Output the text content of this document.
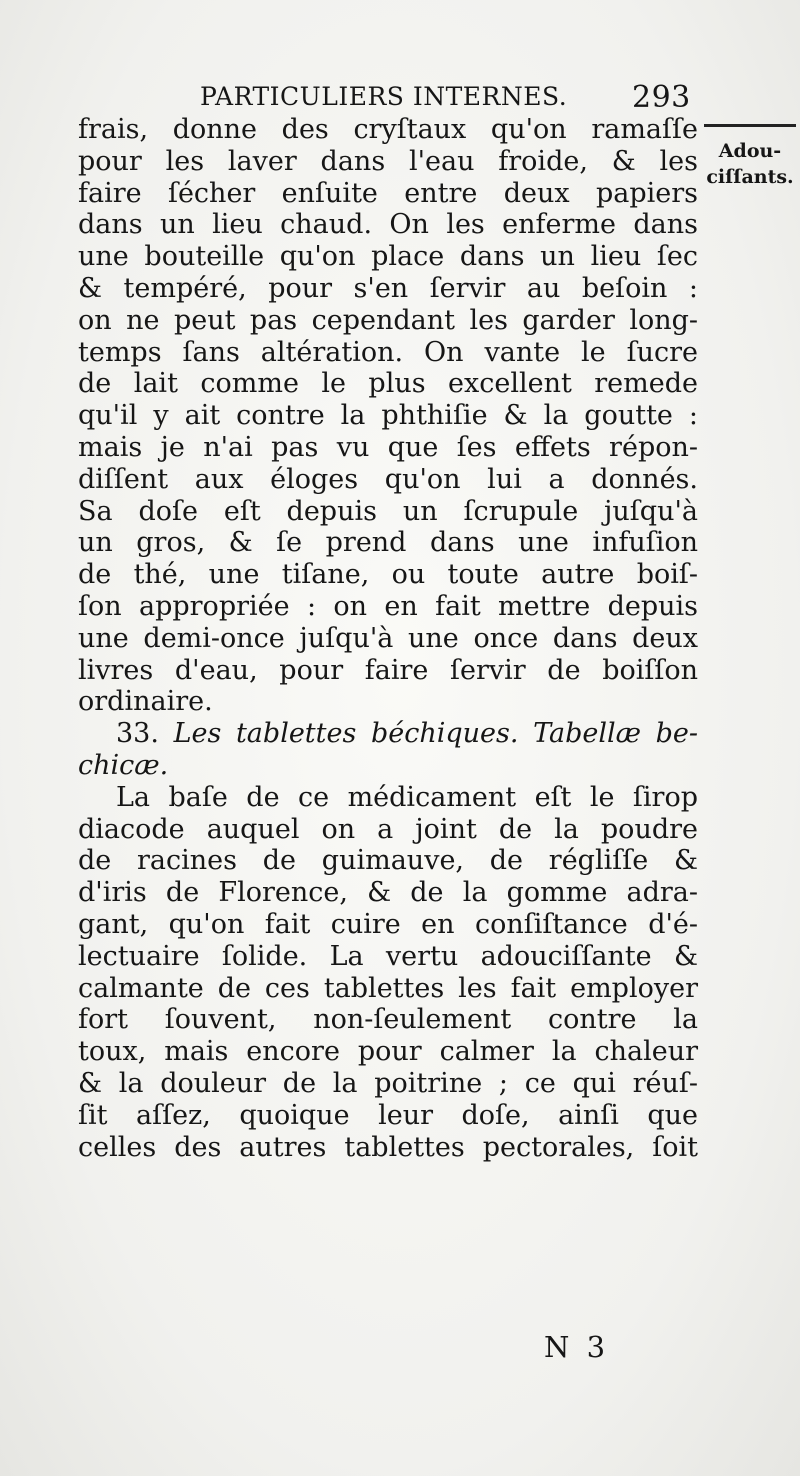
PARTICULIERS INTERNES. 293
Adou-
ciſſants.
frais, donne des cryſtaux qu'on ramaſſe
pour les laver dans l'eau froide, & les
faire ſécher enſuite entre deux papiers
dans un lieu chaud. On les enferme dans
une bouteille qu'on place dans un lieu ſec
& tempéré, pour s'en ſervir au beſoin :
on ne peut pas cependant les garder long-
temps ſans altération. On vante le ſucre
de lait comme le plus excellent remede
qu'il y ait contre la phthiſie & la goutte :
mais je n'ai pas vu que ſes effets répon-
diſſent aux éloges qu'on lui a donnés.
Sa doſe eſt depuis un ſcrupule juſqu'à
un gros, & ſe prend dans une infuſion
de thé, une tiſane, ou toute autre boiſ-
ſon appropriée : on en fait mettre depuis
une demi-once juſqu'à une once dans deux
livres d'eau, pour faire ſervir de boiſſon
ordinaire.
33. Les tablettes béchiques. Tabellæ be-
chicæ.
La baſe de ce médicament eſt le ſirop
diacode auquel on a joint de la poudre
de racines de guimauve, de régliſſe &
d'iris de Florence, & de la gomme adra-
gant, qu'on fait cuire en conſiſtance d'é-
lectuaire ſolide. La vertu adouciſſante &
calmante de ces tablettes les fait employer
fort ſouvent, non-ſeulement contre la
toux, mais encore pour calmer la chaleur
& la douleur de la poitrine ; ce qui réuſ-
ſit aſſez, quoique leur doſe, ainſi que
celles des autres tablettes pectorales, ſoit
N 3
